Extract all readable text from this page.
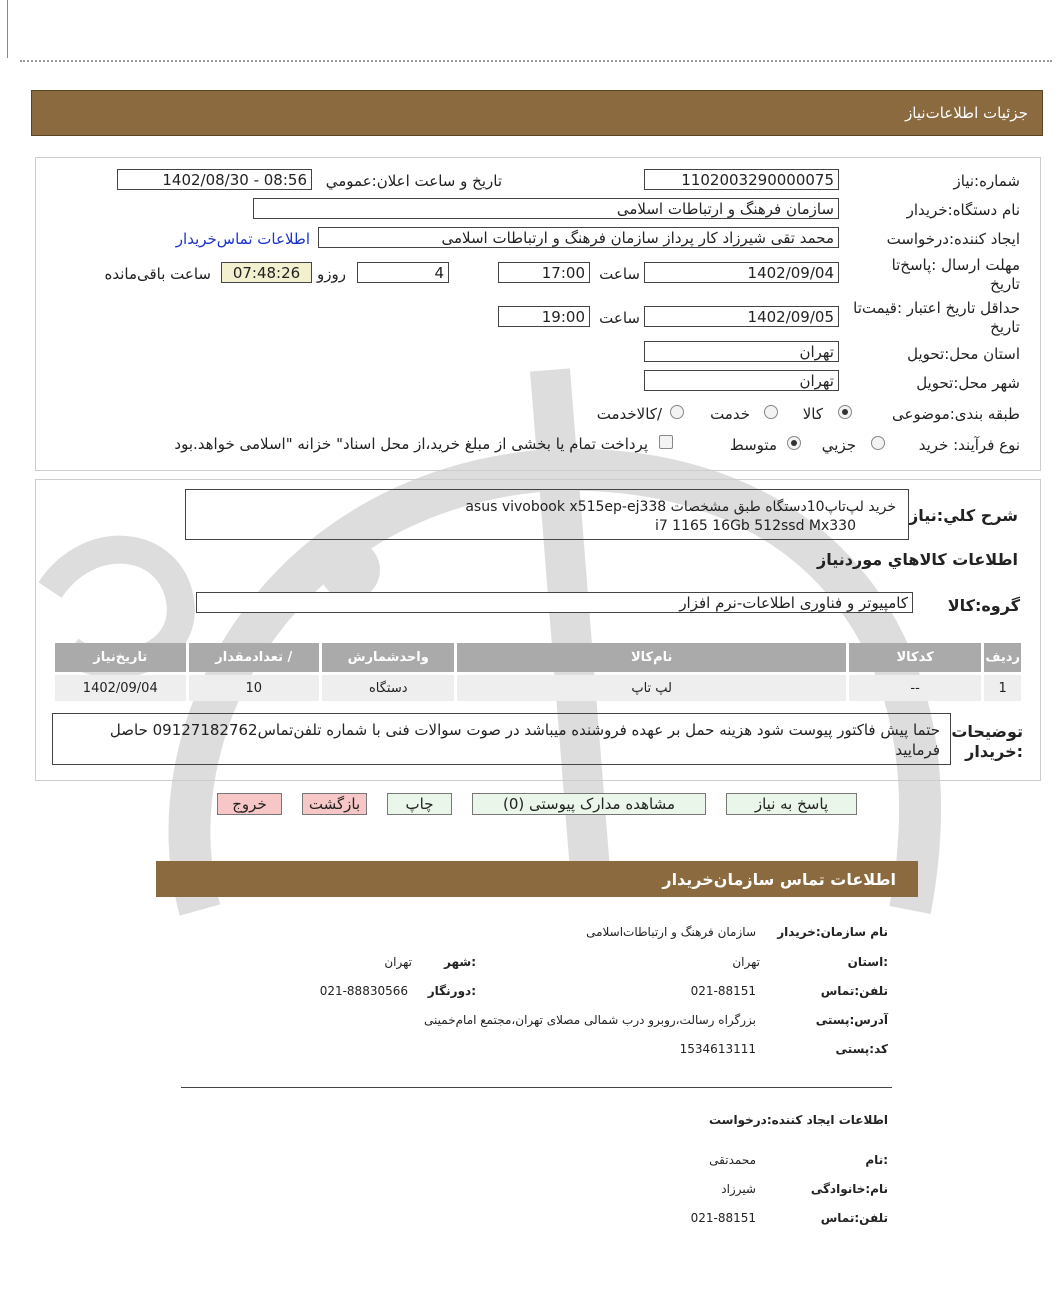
جزئیات اطلاعات‌نیاز
شماره:نیاز
1102003290000075
تاریخ و ساعت اعلان:عمومي
1402/08/30 - 08:56
نام دستگاه:خریدار
سازمان فرهنگ و ارتباطات اسلامی
ایجاد کننده:درخواست
محمد تقی شیرزاد کار پرداز سازمان فرهنگ و ارتباطات اسلامی
اطلاعات تماس‌خریدار
مهلت ارسال :پاسخ‌تا تاریخ
1402/09/04
ساعت
17:00
4
روزو
07:48:26
ساعت باقی‌مانده
حداقل تاریخ اعتبار :قیمت‌تا تاریخ
1402/09/05
ساعت
19:00
استان محل:تحویل
تهران
شهر محل:تحویل
تهران
طبقه بندی:موضوعی
کالا
خدمت
/کالاخدمت
نوع فرآیند: خرید
جزيي
متوسط
پرداخت تمام یا بخشی از مبلغ خرید،از محل اسناد" خزانه "اسلامی خواهد.بود
شرح کلي:نیاز
خرید لپ‌تاپ10دستگاه طبق مشخصات asus vivobook x515ep-ej338
i7 1165 16Gb 512ssd Mx330
اطلاعات کالاهاي موردنیاز
گروه:کالا
کامپیوتر و فناوری اطلاعات-نرم افزار
ردیف	کدکالا	نام‌کالا	واحدشمارش	/ تعدادمقدار	تاریخ‌نیاز
1	--	لپ تاپ	دستگاه	10	1402/09/04
توضیحات :خریدار
حتما پیش فاکتور پیوست شود هزینه حمل بر عهده فروشنده میباشد در صوت سوالات فنی با شماره تلفن‌تماس09127182762 حاصل فرمایید
پاسخ به نیاز
مشاهده مدارک پیوستی (0)
چاپ
بازگشت
خروج
اطلاعات تماس سازمان‌خریدار
نام سازمان:خریدار
سازمان فرهنگ و ارتباطات‌اسلامی
:استان
تهران
:شهر
تهران
تلفن:تماس
021-88151
:دورنگار
021-88830566
آدرس:پستی
بزرگراه رسالت،روبرو درب شمالی مصلای تهران،مجتمع امام‌خمینی
کد:پستی
1534613111
اطلاعات ایجاد کننده:درخواست
:نام
محمدتقی
نام:خانوادگی
شیرزاد
تلفن:تماس
021-88151
